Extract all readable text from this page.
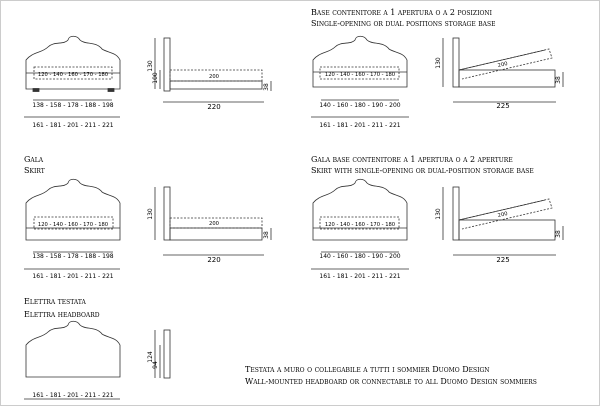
Base contenitore a 1 apertura o a 2 posizioni
Single-opening or dual positions storage base
Gala
Skirt
Gala base contenitore a 1 apertura o a 2 aperture
Skirt with single-opening or dual-position storage base
Elettra testata
Elettra headboard
Testata a muro o collegabile a tutti i sommier Duomo Design
Wall-mounted headboard or connectable to all Duomo Design sommiers
120 - 140 - 160 - 170 - 180
138 - 158 - 178 - 188 - 198
161 - 181 - 201 - 211 - 221
130
100
38
200
220
120 - 140 - 160 - 170 - 180
140 - 160 - 180 - 190 - 200
161 - 181 - 201 - 211 - 221
130
38
200
225
120 - 140 - 160 - 170 - 180
138 - 158 - 178 - 188 - 198
161 - 181 - 201 - 211 - 221
130
38
200
220
120 - 140 - 160 - 170 - 180
140 - 160 - 180 - 190 - 200
161 - 181 - 201 - 211 - 221
130
38
200
225
161 - 181 - 201 - 211 - 221
124
94
